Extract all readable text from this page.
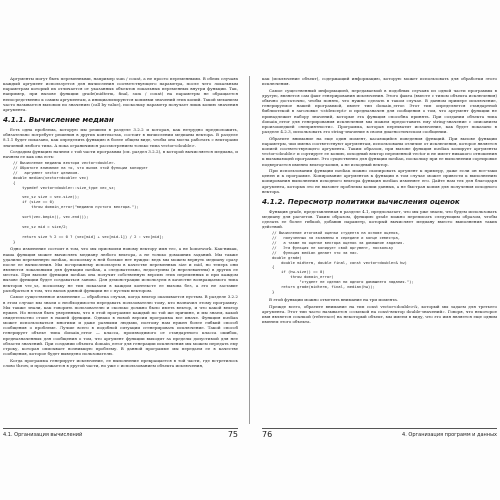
Аргументы могут быть переменными, например sum / count, а не просто переменными. В обеих случаях каждый аргумент используется для вычисления соответствующего параметра, после чего локальным параметрам который их отличается от указанных объектов локальных переменных внутри функции. Так, например, при вызове функции grade(midterm, final, sum / count) на параметры не обращается непосредственно к самим аргументам, а инициализируются копиями значений этих копий. Такой механизм часто называется вызовом по значению (call by value), поскольку параметр получает лишь копию значения аргумента.

4.1.1. Вычисление медиан

Есть одна проблема, которую мы решили в разделе 3.2.2 и которая, как нетрудно предположить, обязательно потребует решения в других контекстах, состоит в вычислении медианы вектора. В разделе 8.1.1 будет показано, как определить функцию в более общем виде, чтобы она могла работать с векторами значений любого типа. А пока ограничимся рассмотрением только типа vector<double>.

Создадим функцию начнем с той части программы (см. раздел 3.2.2), в которой вычисляется медиана, и начнем ее как она есть:

// Вычисление медианы вектора vector<double>.
// Обратите внимание на то, что вызов этой функции копирует
//   аргумент vector целиком.
double median(vector<double> vec)
{
typedef vector<double>::size_type vec_sz;

vec_sz size = vec.size();
if (size == 0)
throw domain_error("медиана пустого вектора.");

sort(vec.begin(), vec.end());

vec_sz mid = size/2;

return size % 2 == 0 ? (vec[mid] + vec[mid-1]) / 2 : vec[mid];
}

Одно изменение состоит в том, что мы присвоили новому вектору имя vec, а не homework. Как-никак, наша функция может вычислять медиану любого вектора, а не только домашних заданий. Мы также удалили переменную median, поскольку в ней больше нет нужды: ведь мы можем вернуть медиану сразу после ее вычисления. Мы по-прежнему используем в качестве переменных size и mid, но теперь они являются локальными для функции median, а следовательно, недоступны (и нерелевантны) в других ее местах. При вызове функции median она получит собственную версию этих переменных и при каждом вызове функции будет создаваться заново. Для демонстрации используем в качестве возвращаемого типа векторов vec_sz, поскольку не тип показали в каждом контексте ее вызова без, а это не заставит разобраться в том, что вызов данной функции не с пустым вектором.

Самое существенное изменение — обработка случая, когда вектор оказывается пустым. В разделе 3.2.2 в этом случае мы знали о необходимости передавать пользователю тому, кто назначил этому программу. Мы также знали, как говорить пользователю и сколько должно было иметь вектор, и что какой вектор нужен. Но нельзя быть уверенным, что в этой программе каждый по той же причине, и мы знаем, какой свидетельство стоит в нашей функции. Однако в новой версии программа все иначе. Функция median может использоваться многими и даже разными людьми, поэтому нам нужен более гибкий способ сообщения о проблеме. Лучше всего в подобной ситуации сгенерировать исключение. Такой способ генерирует объект типа domain_error — класса, производимого от стандартного класса ошибок, предназначенных для сообщения о том, что аргумент функции выходит за пределы допустимой для нее области значений. При создании объекта domain_error для генерации исключения мы можем передать ему строку, которая описывает возникшую проблему. В данной программе мы передаем ее в качестве сообщения, которое будет выведено пользователю.

Когда программа генерирует исключение, ее выполнение прекращается в той части, где встретилось слово throw, и продолжается в другой части, но уже с использованием объекта исключения,

как (исключение объект), содержащий информацию, которую может использовать для обработки этого исключения.

Самое существенный информацией, передаваемой в подобных случаях из одной части программы в другую, является сам факт генерирования исключения. Этого факта (вместе с типом объекта исключения) обычно достаточно, чтобы понять, что нужно сделать в таком случае. В данном примере исключение, генерируемое нашей программой, имеет тип domain_error. Этот тип определяется стандартной библиотекой в заголовке <stdexcept> и предназначен для сообщения о том, что аргумент функции не принадлежит набору значений, которые эта функция способна принять. При создании объекта типа domain_error для генерирования исключения мы можем предоставить ему string-значение с описанием произошедшей «неприятности». Программа, которая перехватит исключение, как будет показано в разделе 4.2.3, использовать это string-значение в своем диагностическом сообщении.

Обратите внимание на еще один момент, касающийся поведения функций. При вызове функции параметры, чьи имена соответствуют аргументам, использованы отличие от исключения, которое является копией соответствующего аргумента. Таким образом, при вызове функция median копирует аргументы vector<double> и сортирует ее копию, исходный вектор переменной vector и не имеет никакого отношения к вызывающей программе. Это существенно для функции median, поскольку при ее выполнении сортировке подвергается именно вектор-копия, а не исходный вектор.

При использовании функции median можно скопировать аргумент к примеру, даже если он все-таки ценен и к программе. Копирование аргументов к функции в том случае может привести к выполнению копирования выполнения исходного вектора функция median изменяет его. Дайте нам тех для благодаря аргумента, которых это не вызовет проблемы копии данных, а не быстрая копия для получения исходного вектора.

4.1.2. Пересмотр политики вычисления оценок

Функция grade, представленная в разделе 4.1, предполагает, что мы уже знаем, что будем использовать медиану для расчетов. Таким образом, функцию grade можно переписать следующим образом, чтобы сделать ее более гибкой, добавив параметр, который вычисляет медиану вместо выполнения таких действий.

// Вычисление итоговой оценки студента на основе оценок,
//   полученных за экзамены в середине и конце семестра,
//   а также по оценке вектора оценок за домашние задания.
//   Эта функция не копирует свой аргумент, поскольку
//   функция median делает это за нас.
double grade(
double midterm, double final, const vector<double>& hw)
{
if (hw.size() == 0)
throw domain_error(
"студент не сделал ни одного домашнего задания.");
return grade(midterm, final, median(hw));
}

В этой функции можно отметить внимание на три момента.

Прежде всего, обратите внимание на тип const vector<double>&, который мы задаем для третьего аргумента. Этот тип часто называется «ссылкой на const-вектор double-значений». Говоря, что некоторое имя является ссылкой (reference) на некоторый объект, мы имеем в виду, что это имя является еще одним именем этого объекта.

4.1. Организация вычислений	75	76	4. Организация программ и данных
